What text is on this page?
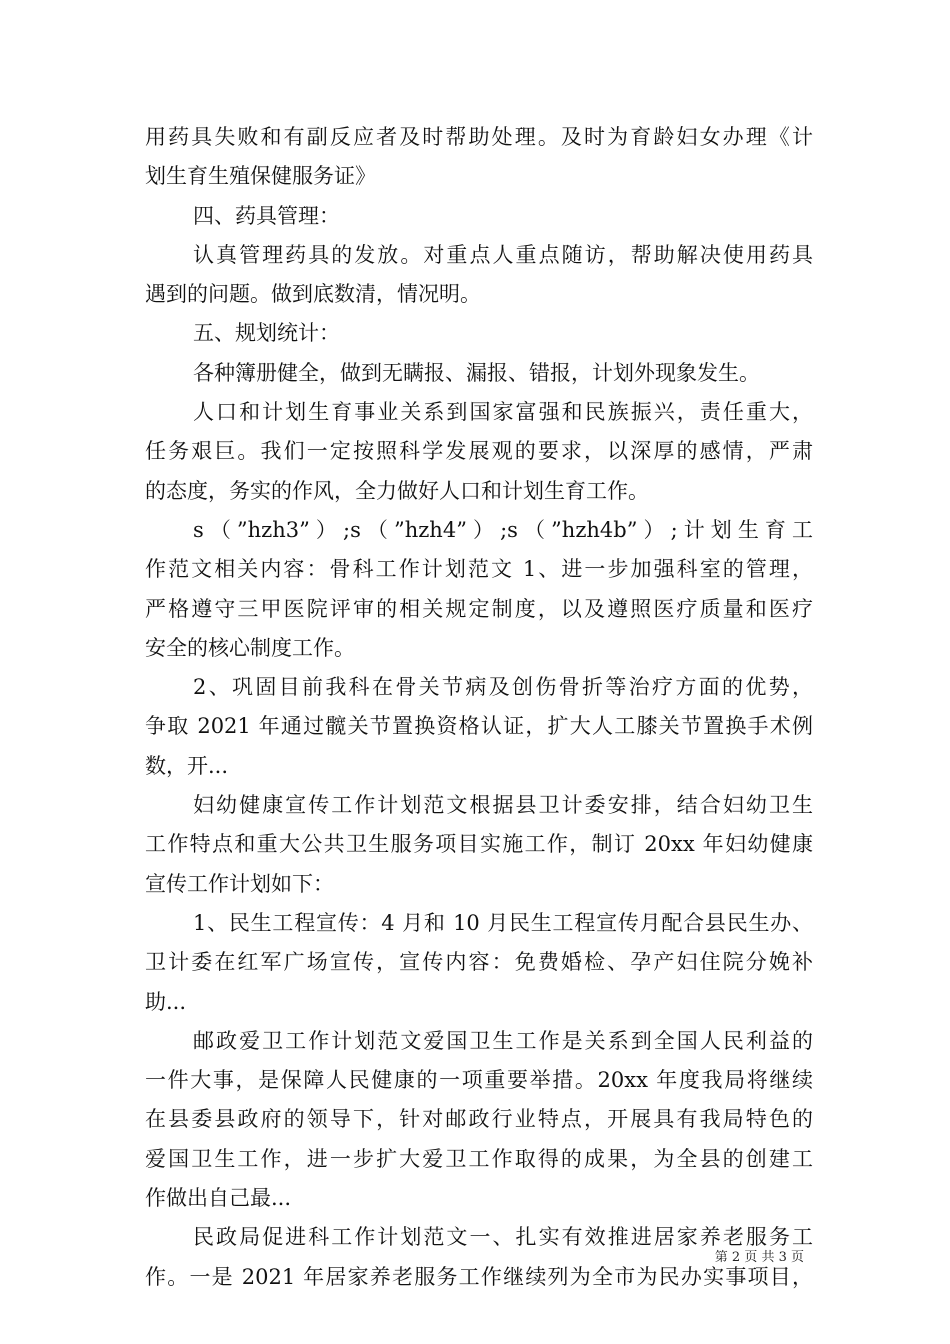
用药具失败和有副反应者及时帮助处理。及时为育龄妇女办理《计
划生育生殖保健服务证》
四、药具管理：
认真管理药具的发放。对重点人重点随访，帮助解决使用药具
遇到的问题。做到底数清，情况明。
五、规划统计：
各种簿册健全，做到无瞒报、漏报、错报，计划外现象发生。
人口和计划生育事业关系到国家富强和民族振兴，责任重大，
任务艰巨。我们一定按照科学发展观的要求，以深厚的感情，严肃
的态度，务实的作风，全力做好人口和计划生育工作。
s（”hzh3”）;s（”hzh4”）;s（”hzh4b”）;计划生育工
作范文相关内容：骨科工作计划范文 1、进一步加强科室的管理，
严格遵守三甲医院评审的相关规定制度，以及遵照医疗质量和医疗
安全的核心制度工作。
2、巩固目前我科在骨关节病及创伤骨折等治疗方面的优势，
争取 2021 年通过髋关节置换资格认证，扩大人工膝关节置换手术例
数，开...
妇幼健康宣传工作计划范文根据县卫计委安排，结合妇幼卫生
工作特点和重大公共卫生服务项目实施工作，制订 20xx 年妇幼健康
宣传工作计划如下：
1、民生工程宣传：4 月和 10 月民生工程宣传月配合县民生办、
卫计委在红军广场宣传，宣传内容：免费婚检、孕产妇住院分娩补
助...
邮政爱卫工作计划范文爱国卫生工作是关系到全国人民利益的
一件大事，是保障人民健康的一项重要举措。20xx 年度我局将继续
在县委县政府的领导下，针对邮政行业特点，开展具有我局特色的
爱国卫生工作，进一步扩大爱卫工作取得的成果，为全县的创建工
作做出自己最...
民政局促进科工作计划范文一、扎实有效推进居家养老服务工
作。一是 2021 年居家养老服务工作继续列为全市为民办实事项目，
第 2 页 共 3 页
